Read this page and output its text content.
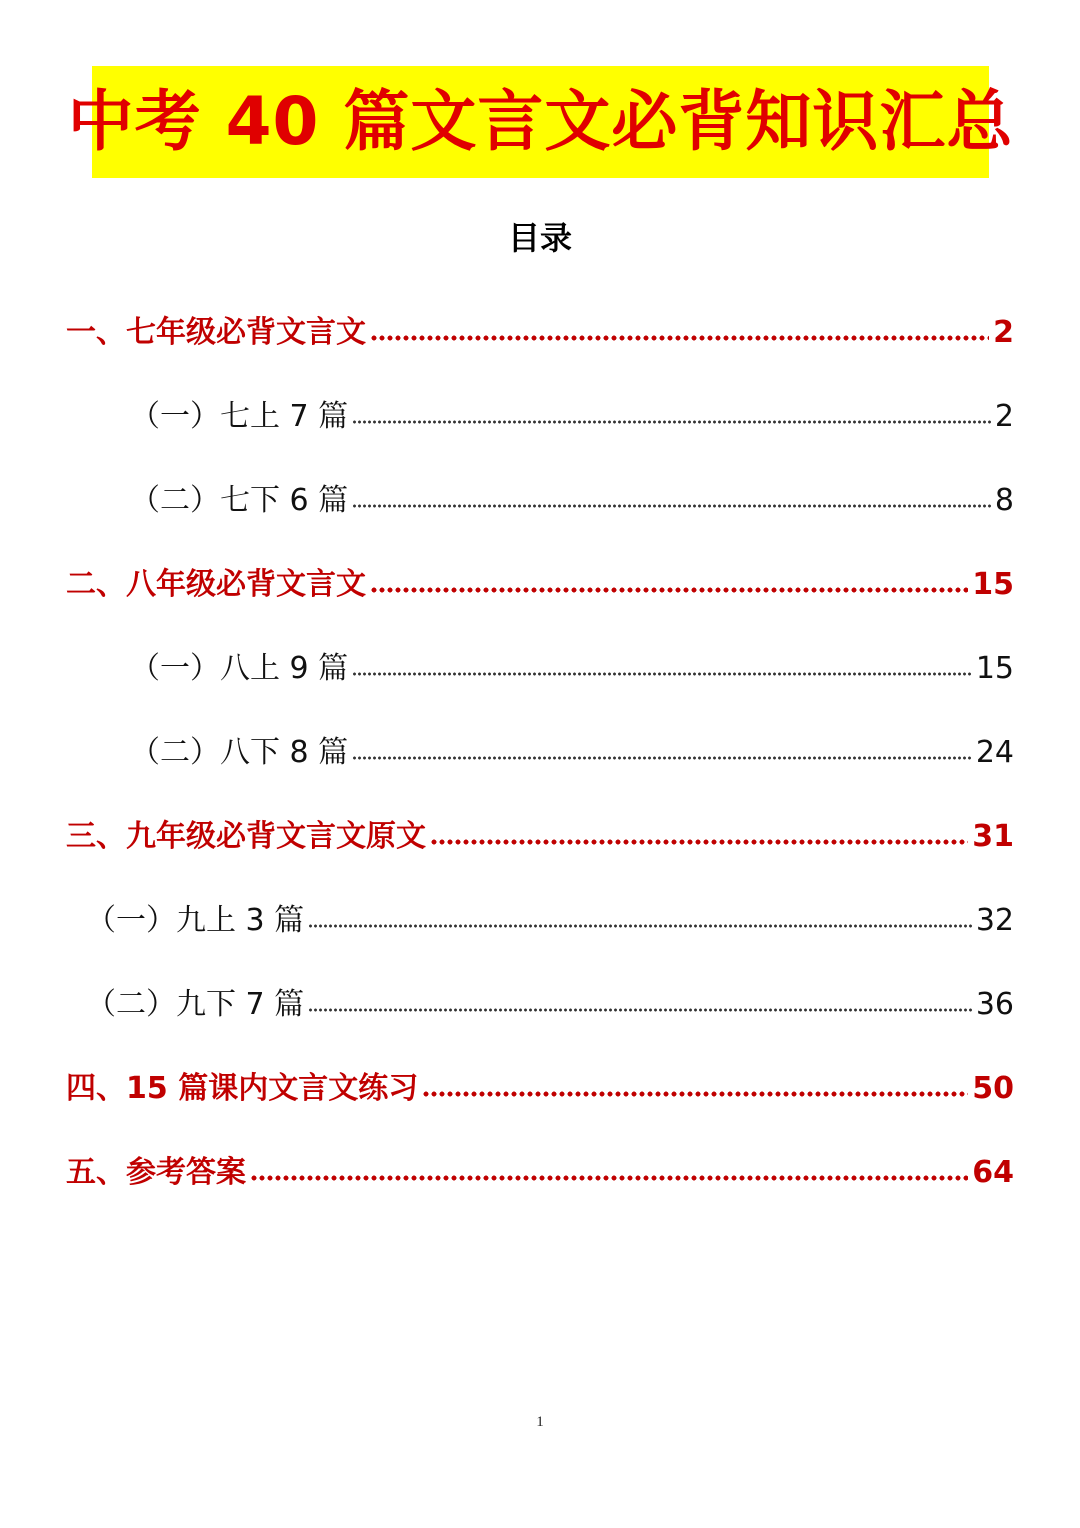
中考 40 篇文言文必背知识汇总
目录
一、七年级必背文言文	2
（一）七上 7 篇	2
（二）七下 6 篇	8
二、八年级必背文言文	15
（一）八上 9 篇	15
（二）八下 8 篇	24
三、九年级必背文言文原文	31
（一）九上 3 篇	32
（二）九下 7 篇	36
四、15 篇课内文言文练习	50
五、参考答案	64
1
